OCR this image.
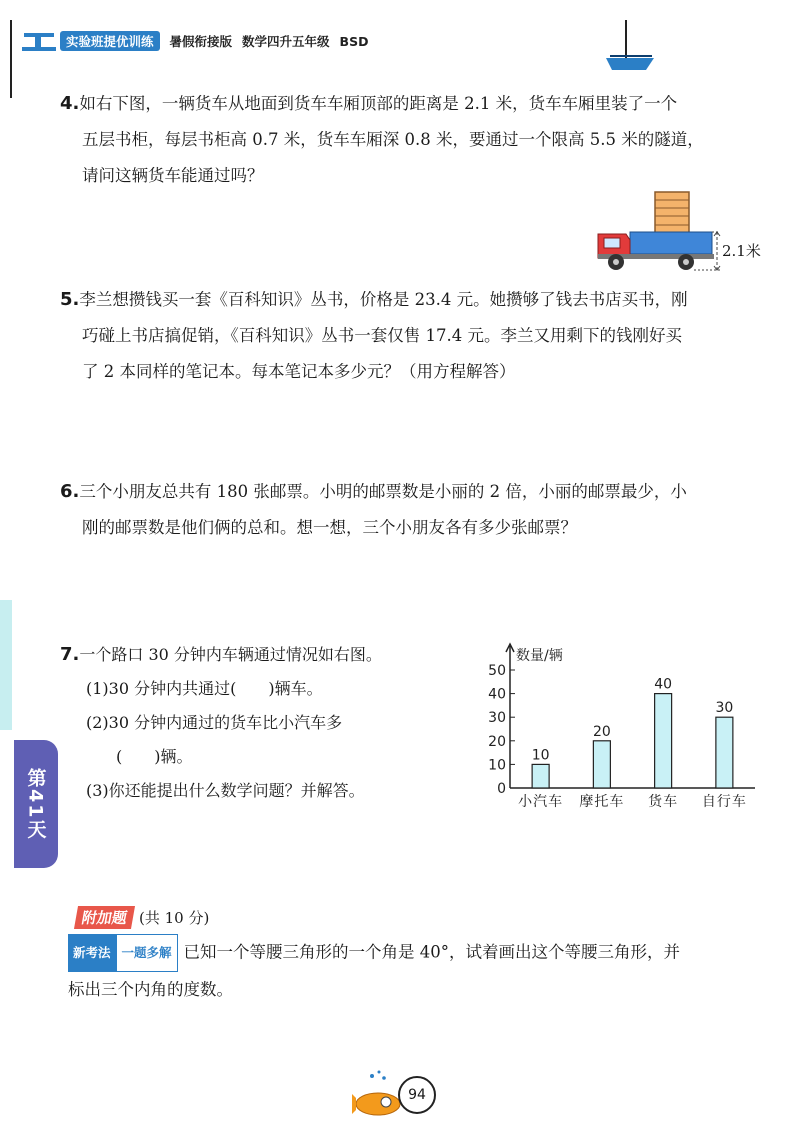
实验班提优训练	暑假衔接版 数学四升五年级 BSD
第41天
4.如右下图，一辆货车从地面到货车车厢顶部的距离是 2.1 米，货车车厢里装了一个
五层书柜，每层书柜高 0.7 米，货车车厢深 0.8 米，要通过一个限高 5.5 米的隧道，
请问这辆货车能通过吗？
2.1米
5.李兰想攒钱买一套《百科知识》丛书，价格是 23.4 元。她攒够了钱去书店买书，刚
巧碰上书店搞促销，《百科知识》丛书一套仅售 17.4 元。李兰又用剩下的钱刚好买
了 2 本同样的笔记本。每本笔记本多少元？（用方程解答）
6.三个小朋友总共有 180 张邮票。小明的邮票数是小丽的 2 倍，小丽的邮票最少，小
刚的邮票数是他们俩的总和。想一想，三个小朋友各有多少张邮票？
7.一个路口 30 分钟内车辆通过情况如右图。
(1)30 分钟内共通过(　　)辆车。
(2)30 分钟内通过的货车比小汽车多
(　　)辆。
(3)你还能提出什么数学问题？并解答。
数量/辆
0
10
20
30
40
50
10
小汽车
20
摩托车
40
货车
30
自行车
附加题 (共 10 分)
新考法 一题多解 已知一个等腰三角形的一个角是 40°，试着画出这个等腰三角形，并
标出三个内角的度数。
94
